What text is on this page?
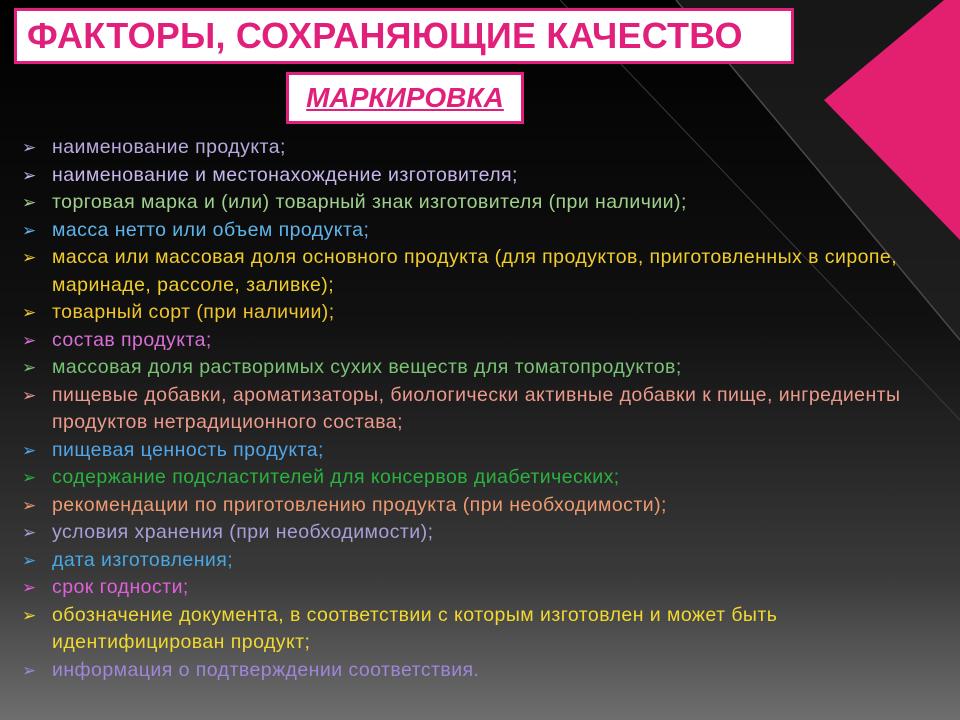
ФАКТОРЫ, СОХРАНЯЮЩИЕ КАЧЕСТВО
МАРКИРОВКА
➢ наименование продукта;
➢ наименование и местонахождение изготовителя;
➢ торговая марка и (или) товарный знак изготовителя (при наличии);
➢ масса нетто или объем продукта;
➢ масса или массовая доля основного продукта (для продуктов, приготовленных в сиропе, маринаде, рассоле, заливке);
➢ товарный сорт (при наличии);
➢ состав продукта;
➢ массовая доля растворимых сухих веществ для томатопродуктов;
➢ пищевые добавки, ароматизаторы, биологически активные добавки к пище, ингредиенты продуктов нетрадиционного состава;
➢ пищевая ценность продукта;
➢ содержание подсластителей для консервов диабетических;
➢ рекомендации по приготовлению продукта (при необходимости);
➢ условия хранения (при необходимости);
➢ дата изготовления;
➢ срок годности;
➢ обозначение документа, в соответствии с которым изготовлен и может быть идентифицирован продукт;
➢ информация о подтверждении соответствия.
